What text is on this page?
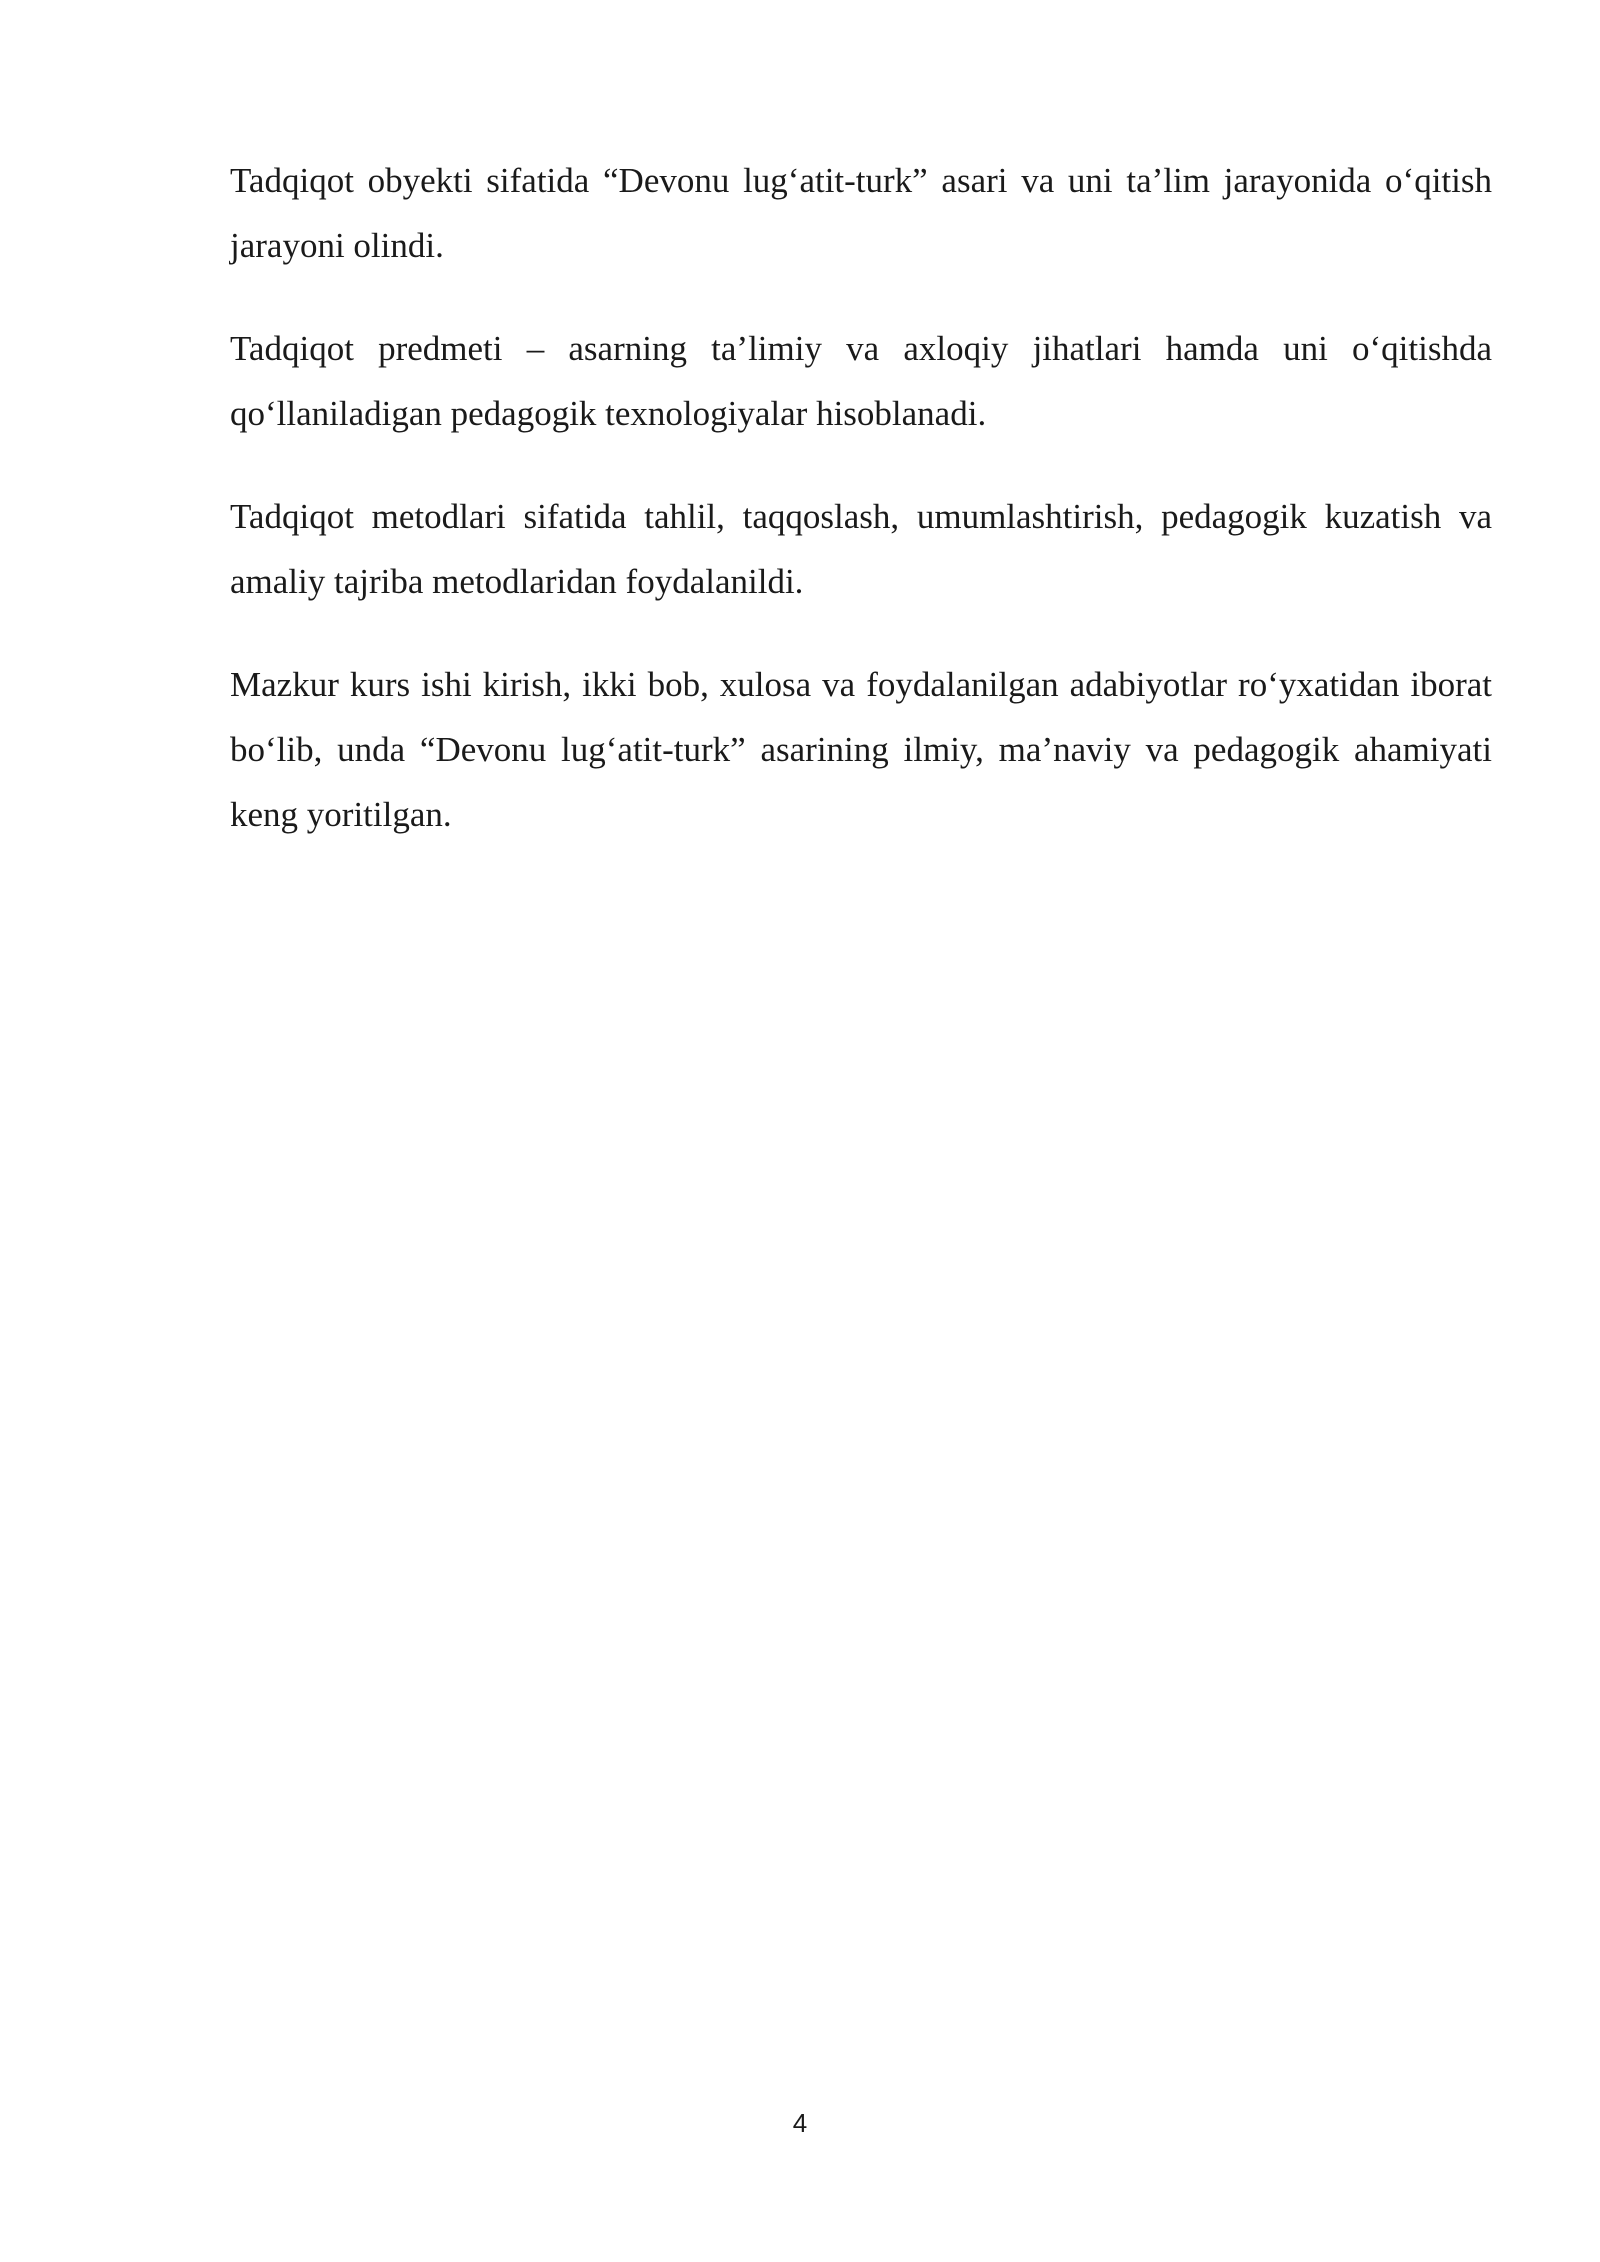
Tadqiqot obyekti sifatida “Devonu lug‘atit-turk” asari va uni ta’lim jarayonida o‘qitish jarayoni olindi.

Tadqiqot predmeti – asarning ta’limiy va axloqiy jihatlari hamda uni o‘qitishda qo‘llaniladigan pedagogik texnologiyalar hisoblanadi.

Tadqiqot metodlari sifatida tahlil, taqqoslash, umumlashtirish, pedagogik kuzatish va amaliy tajriba metodlaridan foydalanildi.

Mazkur kurs ishi kirish, ikki bob, xulosa va foydalanilgan adabiyotlar ro‘yxatidan iborat bo‘lib, unda “Devonu lug‘atit-turk” asarining ilmiy, ma’naviy va pedagogik ahamiyati keng yoritilgan.

4
